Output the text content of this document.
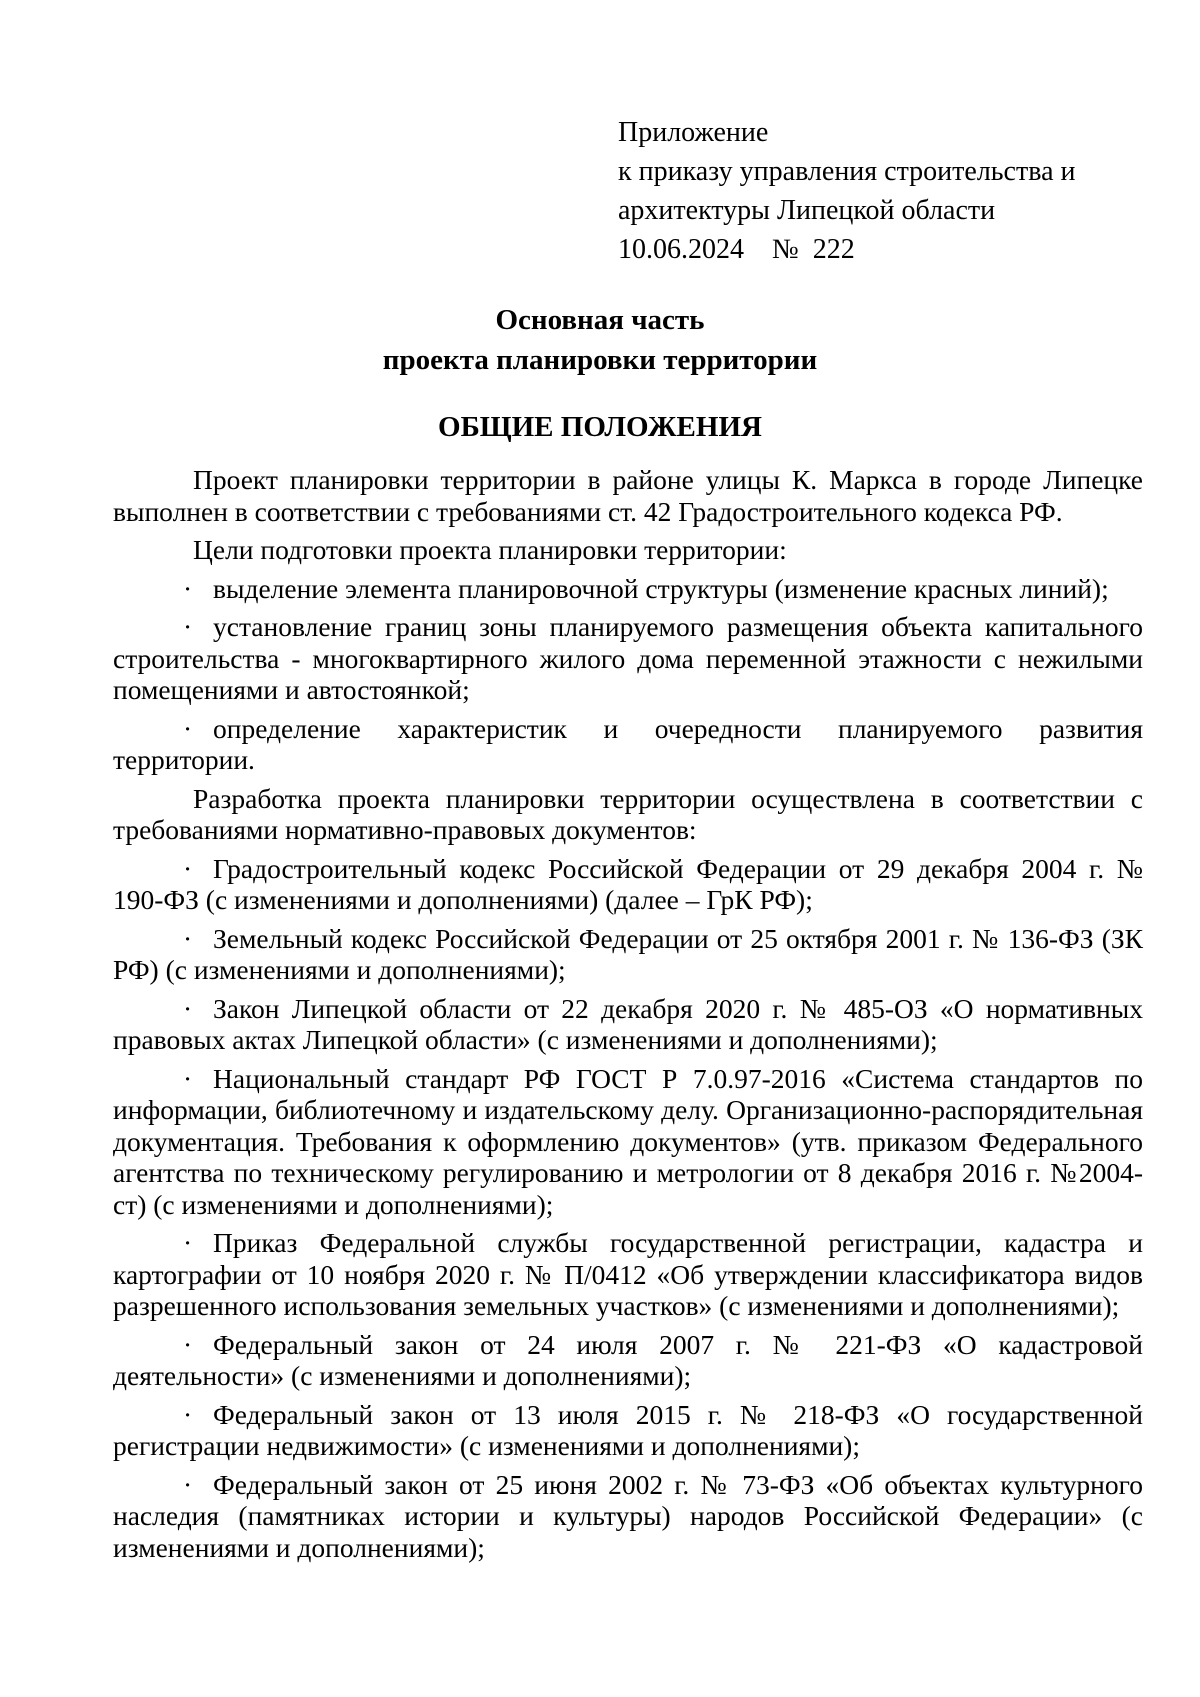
Приложение
к приказу управления строительства и
архитектуры Липецкой области
10.06.2024 № 222
Основная часть
проекта планировки территории
ОБЩИЕ ПОЛОЖЕНИЯ

Проект планировки территории в районе улицы К. Маркса в городе Липецке выполнен в соответствии с требованиями ст. 42 Градостроительного кодекса РФ.

Цели подготовки проекта планировки территории:

· выделение элемента планировочной структуры (изменение красных линий);

· установление границ зоны планируемого размещения объекта капитального строительства - многоквартирного жилого дома переменной этажности с нежилыми помещениями и автостоянкой;

· определение характеристик и очередности планируемого развития территории.

Разработка проекта планировки территории осуществлена в соответствии с требованиями нормативно-правовых документов:

· Градостроительный кодекс Российской Федерации от 29 декабря 2004 г. № 190-ФЗ (с изменениями и дополнениями) (далее – ГрК РФ);

· Земельный кодекс Российской Федерации от 25 октября 2001 г. № 136-ФЗ (ЗК РФ) (с изменениями и дополнениями);

· Закон Липецкой области от 22 декабря 2020 г. № 485-ОЗ «О нормативных правовых актах Липецкой области» (с изменениями и дополнениями);

· Национальный стандарт РФ ГОСТ Р 7.0.97-2016 «Система стандартов по информации, библиотечному и издательскому делу. Организационно-распорядительная документация. Требования к оформлению документов» (утв. приказом Федерального агентства по техническому регулированию и метрологии от 8 декабря 2016 г. №2004-ст) (с изменениями и дополнениями);

· Приказ Федеральной службы государственной регистрации, кадастра и картографии от 10 ноября 2020 г. № П/0412 «Об утверждении классификатора видов разрешенного использования земельных участков» (с изменениями и дополнениями);

· Федеральный закон от 24 июля 2007 г. № 221-ФЗ «О кадастровой деятельности» (с изменениями и дополнениями);

· Федеральный закон от 13 июля 2015 г. № 218-ФЗ «О государственной регистрации недвижимости» (с изменениями и дополнениями);

· Федеральный закон от 25 июня 2002 г. № 73-ФЗ «Об объектах культурного наследия (памятниках истории и культуры) народов Российской Федерации» (с изменениями и дополнениями);
